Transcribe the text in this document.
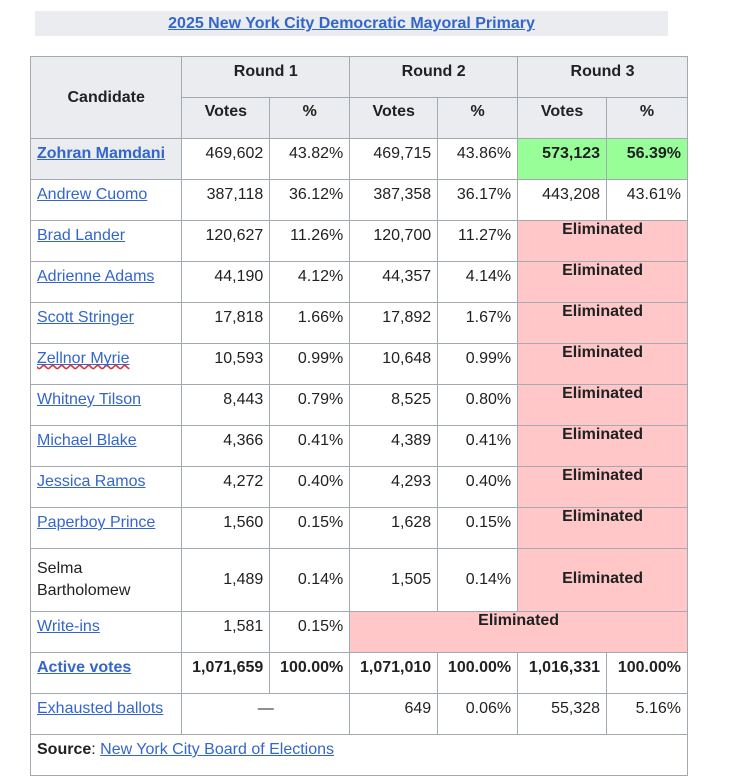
2025 New York City Democratic Mayoral Primary
Candidate	Round 1		Round 2		Round 3	
	Votes	%	Votes	%	Votes	%
Zohran Mamdani	469,602	43.82%	469,715	43.86%	573,123	56.39%
Andrew Cuomo	387,118	36.12%	387,358	36.17%	443,208	43.61%
Brad Lander	120,627	11.26%	120,700	11.27%	Eliminated	
Adrienne Adams	44,190	4.12%	44,357	4.14%	Eliminated	
Scott Stringer	17,818	1.66%	17,892	1.67%	Eliminated	
Zellnor Myrie	10,593	0.99%	10,648	0.99%	Eliminated	
Whitney Tilson	8,443	0.79%	8,525	0.80%	Eliminated	
Michael Blake	4,366	0.41%	4,389	0.41%	Eliminated	
Jessica Ramos	4,272	0.40%	4,293	0.40%	Eliminated	
Paperboy Prince	1,560	0.15%	1,628	0.15%	Eliminated	
Selma Bartholomew	1,489	0.14%	1,505	0.14%	Eliminated	
Write-ins	1,581	0.15%	Eliminated			
Active votes	1,071,659	100.00%	1,071,010	100.00%	1,016,331	100.00%
Exhausted ballots	—		649	0.06%	55,328	5.16%
Source: New York City Board of Elections						
